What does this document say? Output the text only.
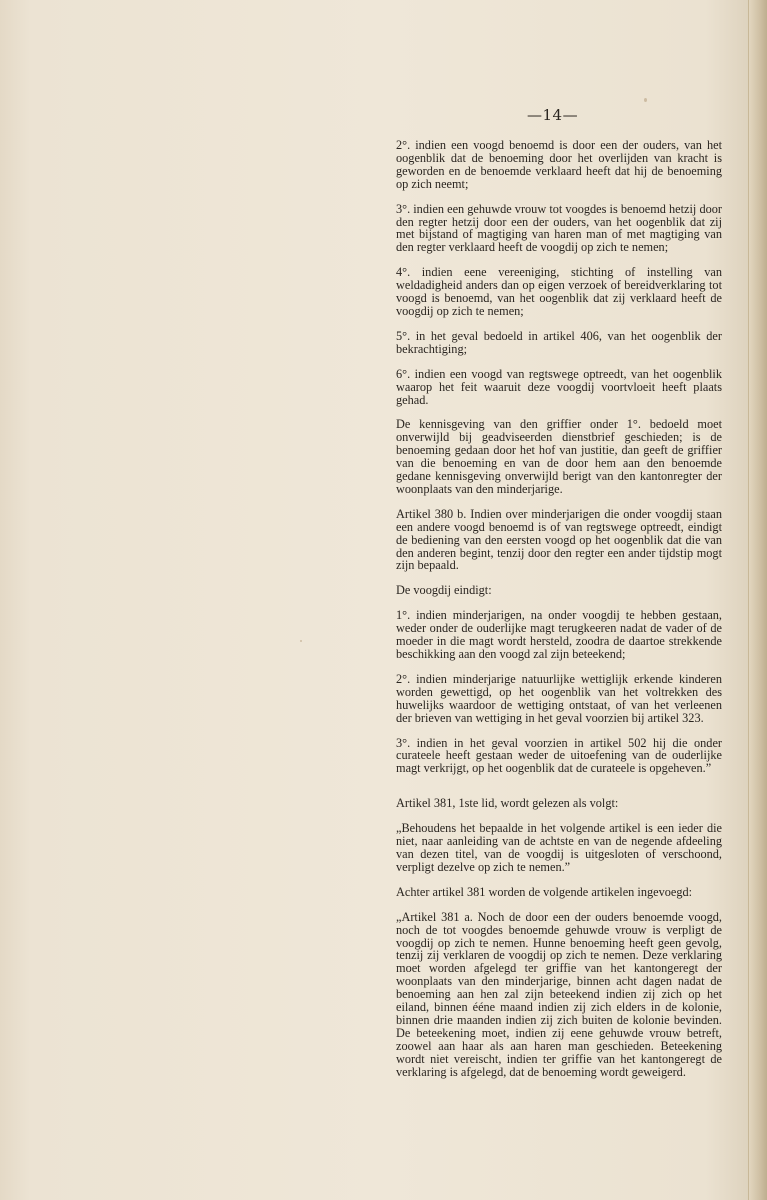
—14—

2°. indien een voogd benoemd is door een der ouders, van het oogenblik dat de benoeming door het overlijden van kracht is geworden en de benoemde verklaard heeft dat hij de benoeming op zich neemt;

3°. indien een gehuwde vrouw tot voogdes is benoemd hetzij door den regter hetzij door een der ouders, van het oogenblik dat zij met bijstand of magtiging van haren man of met magtiging van den regter verklaard heeft de voogdij op zich te nemen;

4°. indien eene vereeniging, stichting of instelling van weldadigheid anders dan op eigen verzoek of bereidverklaring tot voogd is benoemd, van het oogenblik dat zij verklaard heeft de voogdij op zich te nemen;

5°. in het geval bedoeld in artikel 406, van het oogenblik der bekrachtiging;

6°. indien een voogd van regtswege optreedt, van het oogenblik waarop het feit waaruit deze voogdij voortvloeit heeft plaats gehad.

De kennisgeving van den griffier onder 1°. bedoeld moet onverwijld bij geadviseerden dienstbrief geschieden; is de benoeming gedaan door het hof van justitie, dan geeft de griffier van die benoeming en van de door hem aan den benoemde gedane kennisgeving onverwijld berigt van den kantonregter der woonplaats van den minderjarige.

Artikel 380 b. Indien over minderjarigen die onder voogdij staan een andere voogd benoemd is of van regtswege optreedt, eindigt de bediening van den eersten voogd op het oogenblik dat die van den anderen begint, tenzij door den regter een ander tijdstip mogt zijn bepaald.

De voogdij eindigt:

1°. indien minderjarigen, na onder voogdij te hebben gestaan, weder onder de ouderlijke magt terugkeeren nadat de vader of de moeder in die magt wordt hersteld, zoodra de daartoe strekkende beschikking aan den voogd zal zijn beteekend;

2°. indien minderjarige natuurlijke wettiglijk erkende kinderen worden gewettigd, op het oogenblik van het voltrekken des huwelijks waardoor de wettiging ontstaat, of van het verleenen der brieven van wettiging in het geval voorzien bij artikel 323.

3°. indien in het geval voorzien in artikel 502 hij die onder curateele heeft gestaan weder de uitoefening van de ouderlijke magt verkrijgt, op het oogenblik dat de curateele is opgeheven.”

Artikel 381, 1ste lid, wordt gelezen als volgt:

„Behoudens het bepaalde in het volgende artikel is een ieder die niet, naar aanleiding van de achtste en van de negende afdeeling van dezen titel, van de voogdij is uitgesloten of verschoond, verpligt dezelve op zich te nemen.”

Achter artikel 381 worden de volgende artikelen ingevoegd:

„Artikel 381 a. Noch de door een der ouders benoemde voogd, noch de tot voogdes benoemde gehuwde vrouw is verpligt de voogdij op zich te nemen. Hunne benoeming heeft geen gevolg, tenzij zij verklaren de voogdij op zich te nemen. Deze verklaring moet worden afgelegd ter griffie van het kantongeregt der woonplaats van den minderjarige, binnen acht dagen nadat de benoeming aan hen zal zijn beteekend indien zij zich op het eiland, binnen ééne maand indien zij zich elders in de kolonie, binnen drie maanden indien zij zich buiten de kolonie bevinden. De beteekening moet, indien zij eene gehuwde vrouw betreft, zoowel aan haar als aan haren man geschieden. Beteekening wordt niet vereischt, indien ter griffie van het kantongeregt de verklaring is afgelegd, dat de benoeming wordt geweigerd.
